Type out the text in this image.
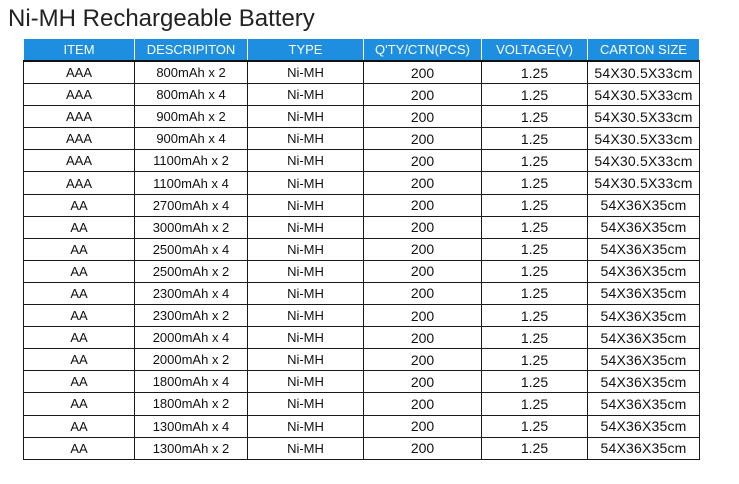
Ni-MH Rechargeable Battery
ITEM	DESCRIPITON	TYPE	Q'TY/CTN(PCS)	VOLTAGE(V)	CARTON SIZE
AAA	800mAh x 2	Ni-MH	200	1.25	54X30.5X33cm
AAA	800mAh x 4	Ni-MH	200	1.25	54X30.5X33cm
AAA	900mAh x 2	Ni-MH	200	1.25	54X30.5X33cm
AAA	900mAh x 4	Ni-MH	200	1.25	54X30.5X33cm
AAA	1100mAh x 2	Ni-MH	200	1.25	54X30.5X33cm
AAA	1100mAh x 4	Ni-MH	200	1.25	54X30.5X33cm
AA	2700mAh x 4	Ni-MH	200	1.25	54X36X35cm
AA	3000mAh x 2	Ni-MH	200	1.25	54X36X35cm
AA	2500mAh x 4	Ni-MH	200	1.25	54X36X35cm
AA	2500mAh x 2	Ni-MH	200	1.25	54X36X35cm
AA	2300mAh x 4	Ni-MH	200	1.25	54X36X35cm
AA	2300mAh x 2	Ni-MH	200	1.25	54X36X35cm
AA	2000mAh x 4	Ni-MH	200	1.25	54X36X35cm
AA	2000mAh x 2	Ni-MH	200	1.25	54X36X35cm
AA	1800mAh x 4	Ni-MH	200	1.25	54X36X35cm
AA	1800mAh x 2	Ni-MH	200	1.25	54X36X35cm
AA	1300mAh x 4	Ni-MH	200	1.25	54X36X35cm
AA	1300mAh x 2	Ni-MH	200	1.25	54X36X35cm
